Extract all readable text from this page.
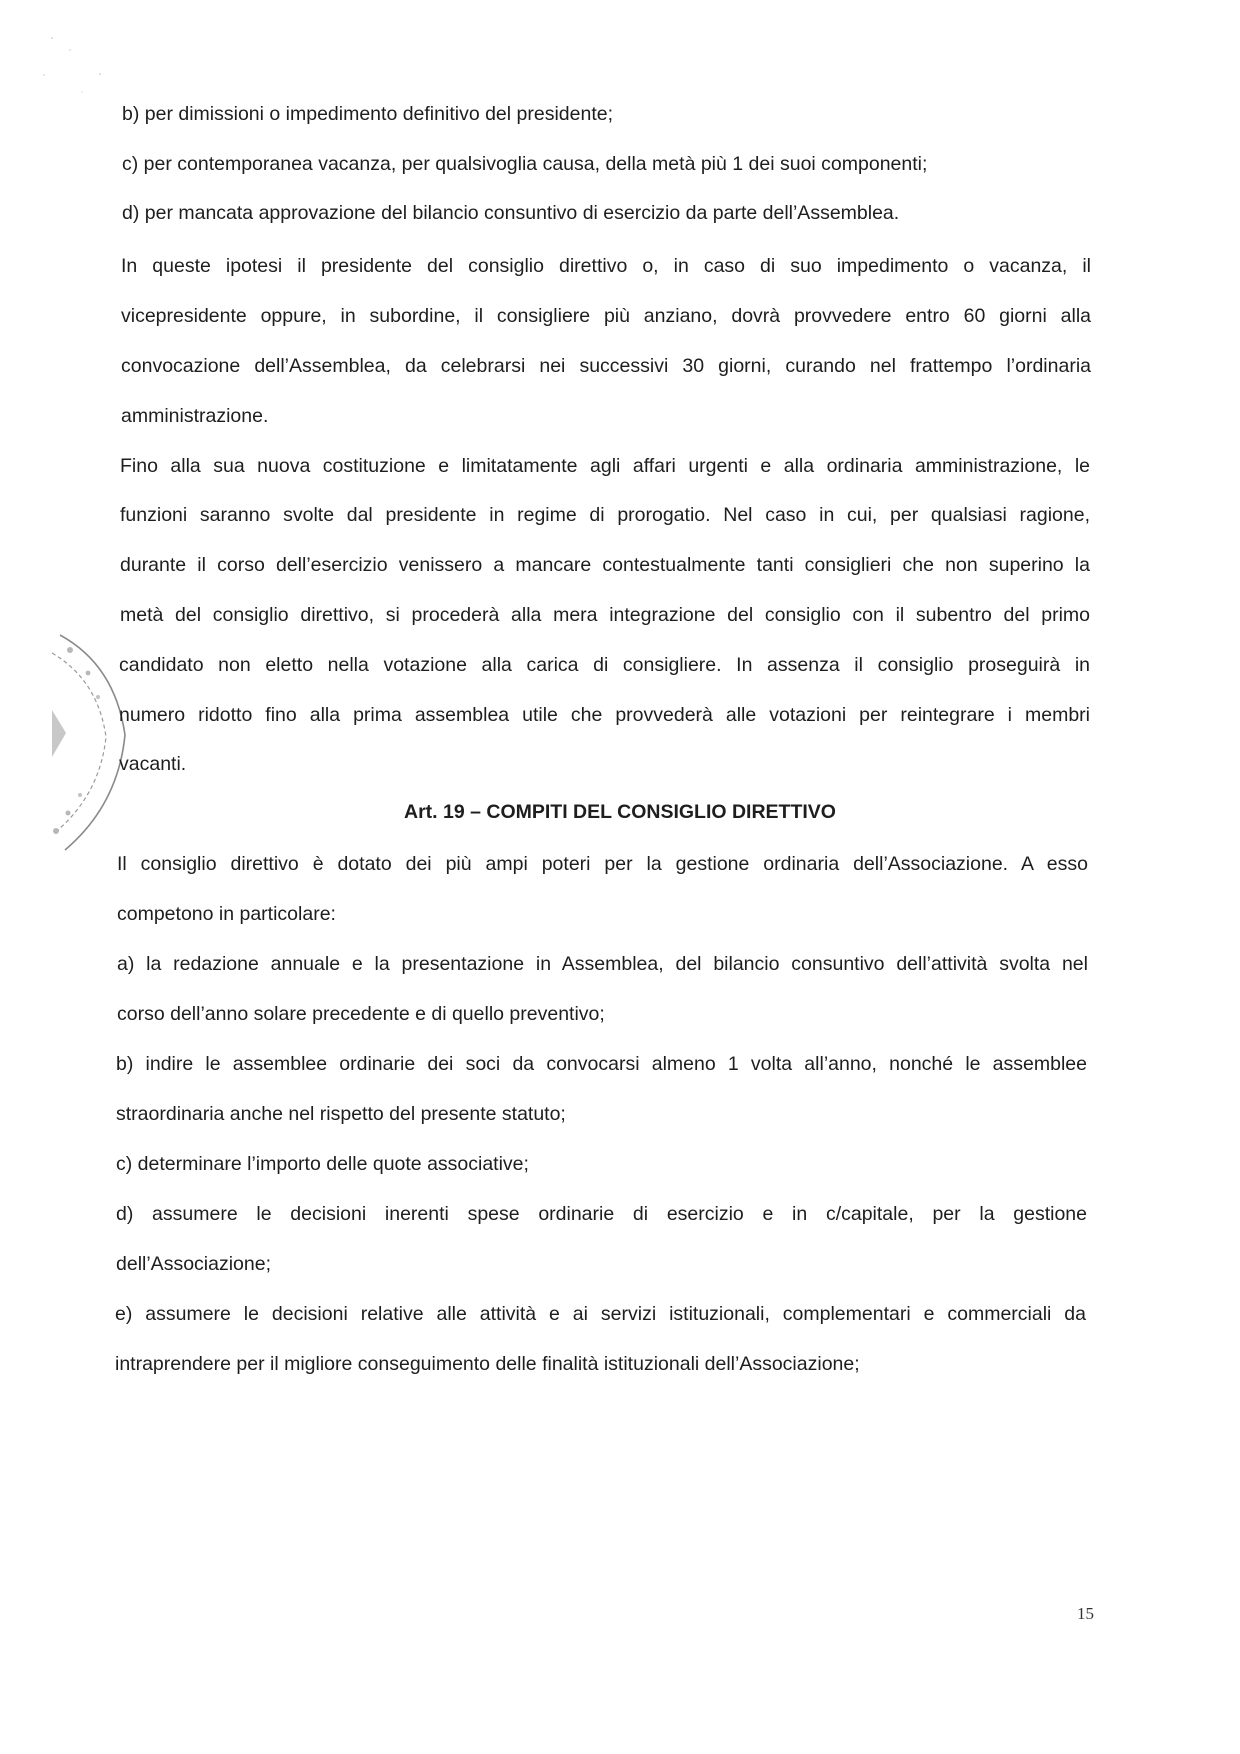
b) per dimissioni o impedimento definitivo del presidente;

c) per contemporanea vacanza, per qualsivoglia causa, della metà più 1 dei suoi componenti;

d) per mancata approvazione del bilancio consuntivo di esercizio da parte dell’Assemblea.

In queste ipotesi il presidente del consiglio direttivo o, in caso di suo impedimento o vacanza, il

vicepresidente oppure, in subordine, il consigliere più anziano, dovrà provvedere entro 60 giorni alla

convocazione dell’Assemblea, da celebrarsi nei successivi 30 giorni, curando nel frattempo l’ordinaria

amministrazione.

Fino alla sua nuova costituzione e limitatamente agli affari urgenti e alla ordinaria amministrazione, le

funzioni saranno svolte dal presidente in regime di prorogatio. Nel caso in cui, per qualsiasi ragione,

durante il corso dell’esercizio venissero a mancare contestualmente tanti consiglieri che non superino la

metà del consiglio direttivo, si procederà alla mera integrazione del consiglio con il subentro del primo

candidato non eletto nella votazione alla carica di consigliere. In assenza il consiglio proseguirà in

numero ridotto fino alla prima assemblea utile che provvederà alle votazioni per reintegrare i membri

vacanti.

Art. 19 – COMPITI DEL CONSIGLIO DIRETTIVO

Il consiglio direttivo è dotato dei più ampi poteri per la gestione ordinaria dell’Associazione. A esso

competono in particolare:

a) la redazione annuale e la presentazione in Assemblea, del bilancio consuntivo dell’attività svolta nel

corso dell’anno solare precedente e di quello preventivo;

b) indire le assemblee ordinarie dei soci da convocarsi almeno 1 volta all’anno, nonché le assemblee

straordinaria anche nel rispetto del presente statuto;

c) determinare l’importo delle quote associative;

d) assumere le decisioni inerenti spese ordinarie di esercizio e in c/capitale, per la gestione

dell’Associazione;

e) assumere le decisioni relative alle attività e ai servizi istituzionali, complementari e commerciali da

intraprendere per il migliore conseguimento delle finalità istituzionali dell’Associazione;

15
